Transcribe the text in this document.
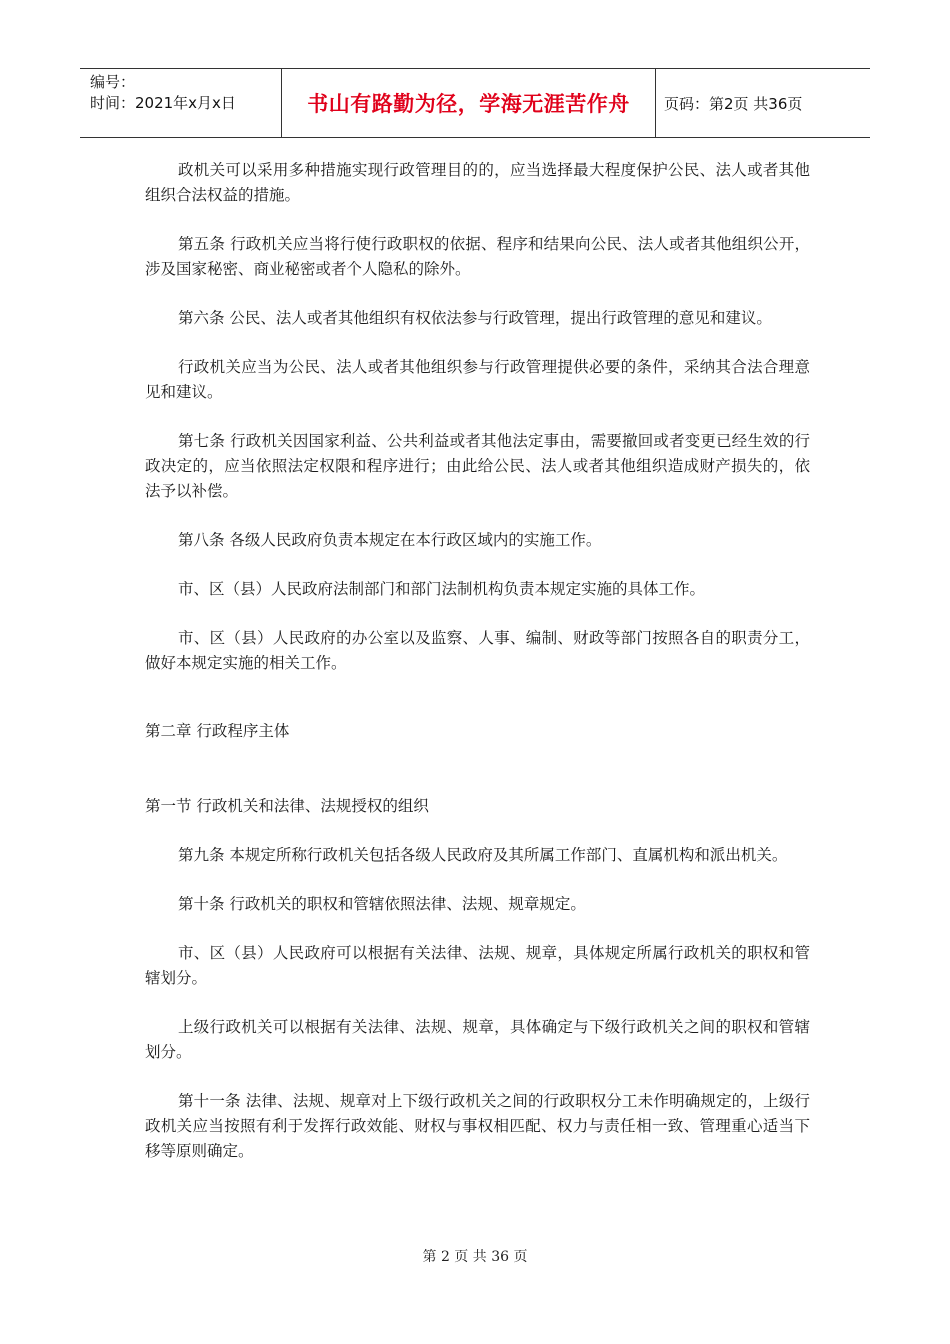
编号：
时间：2021年x月x日	书山有路勤为径，学海无涯苦作舟	页码：第2页 共36页

政机关可以采用多种措施实现行政管理目的的，应当选择最大程度保护公民、法人或者其他组织合法权益的措施。

第五条 行政机关应当将行使行政职权的依据、程序和结果向公民、法人或者其他组织公开，涉及国家秘密、商业秘密或者个人隐私的除外。

第六条 公民、法人或者其他组织有权依法参与行政管理，提出行政管理的意见和建议。

行政机关应当为公民、法人或者其他组织参与行政管理提供必要的条件，采纳其合法合理意见和建议。

第七条 行政机关因国家利益、公共利益或者其他法定事由，需要撤回或者变更已经生效的行政决定的，应当依照法定权限和程序进行；由此给公民、法人或者其他组织造成财产损失的，依法予以补偿。

第八条 各级人民政府负责本规定在本行政区域内的实施工作。

市、区（县）人民政府法制部门和部门法制机构负责本规定实施的具体工作。

市、区（县）人民政府的办公室以及监察、人事、编制、财政等部门按照各自的职责分工，做好本规定实施的相关工作。

第二章 行政程序主体

第一节 行政机关和法律、法规授权的组织

第九条 本规定所称行政机关包括各级人民政府及其所属工作部门、直属机构和派出机关。

第十条 行政机关的职权和管辖依照法律、法规、规章规定。

市、区（县）人民政府可以根据有关法律、法规、规章，具体规定所属行政机关的职权和管辖划分。

上级行政机关可以根据有关法律、法规、规章，具体确定与下级行政机关之间的职权和管辖划分。

第十一条 法律、法规、规章对上下级行政机关之间的行政职权分工未作明确规定的，上级行政机关应当按照有利于发挥行政效能、财权与事权相匹配、权力与责任相一致、管理重心适当下移等原则确定。

第 2 页 共 36 页
